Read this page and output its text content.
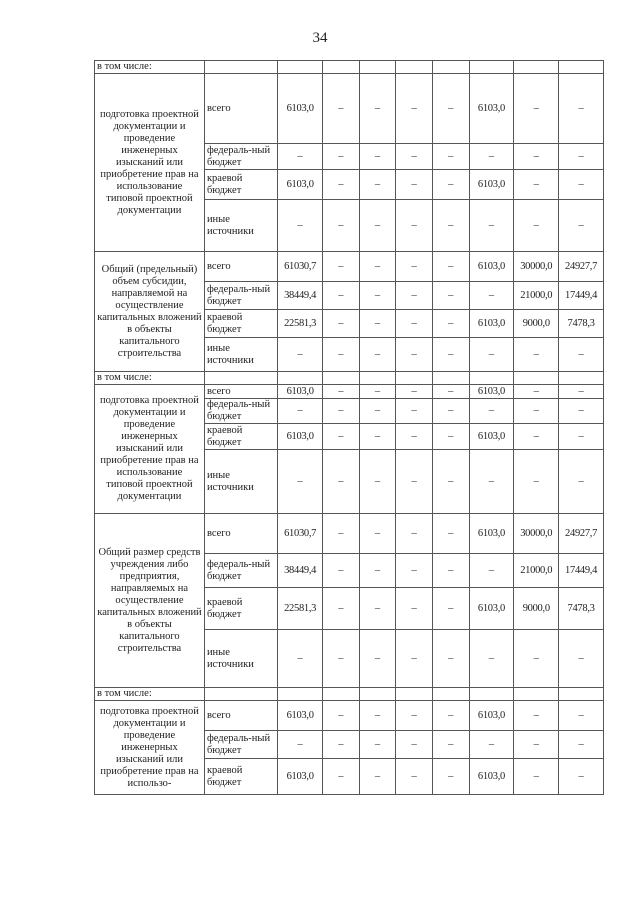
34
в том числе:									
подготовка проектной документации и проведение инженерных изысканий или приобретение прав на использование типовой проектной документации	всего	6103,0	–	–	–	–	6103,0	–	–
	федераль-ный бюджет	–	–	–	–	–	–	–	–
	краевой бюджет	6103,0	–	–	–	–	6103,0	–	–
	иные источники	–	–	–	–	–	–	–	–
Общий (предельный) объем субсидии, направляемой на осуществление капитальных вложений в объекты капитального строительства	всего	61030,7	–	–	–	–	6103,0	30000,0	24927,7
	федераль-ный бюджет	38449,4	–	–	–	–	–	21000,0	17449,4
	краевой бюджет	22581,3	–	–	–	–	6103,0	9000,0	7478,3
	иные источники	–	–	–	–	–	–	–	–
в том числе:									
подготовка проектной документации и проведение инженерных изысканий или приобретение прав на использование типовой проектной документации	всего	6103,0	–	–	–	–	6103,0	–	–
	федераль-ный бюджет	–	–	–	–	–	–	–	–
	краевой бюджет	6103,0	–	–	–	–	6103,0	–	–
	иные источники	–	–	–	–	–	–	–	–
Общий размер средств учреждения либо предприятия, направляемых на осуществление капитальных вложений в объекты капитального строительства	всего	61030,7	–	–	–	–	6103,0	30000,0	24927,7
	федераль-ный бюджет	38449,4	–	–	–	–	–	21000,0	17449,4
	краевой бюджет	22581,3	–	–	–	–	6103,0	9000,0	7478,3
	иные источники	–	–	–	–	–	–	–	–
в том числе:									
подготовка проектной документации и проведение инженерных изысканий или приобретение прав на использо-	всего	6103,0	–	–	–	–	6103,0	–	–
	федераль-ный бюджет	–	–	–	–	–	–	–	–
	краевой бюджет	6103,0	–	–	–	–	6103,0	–	–
